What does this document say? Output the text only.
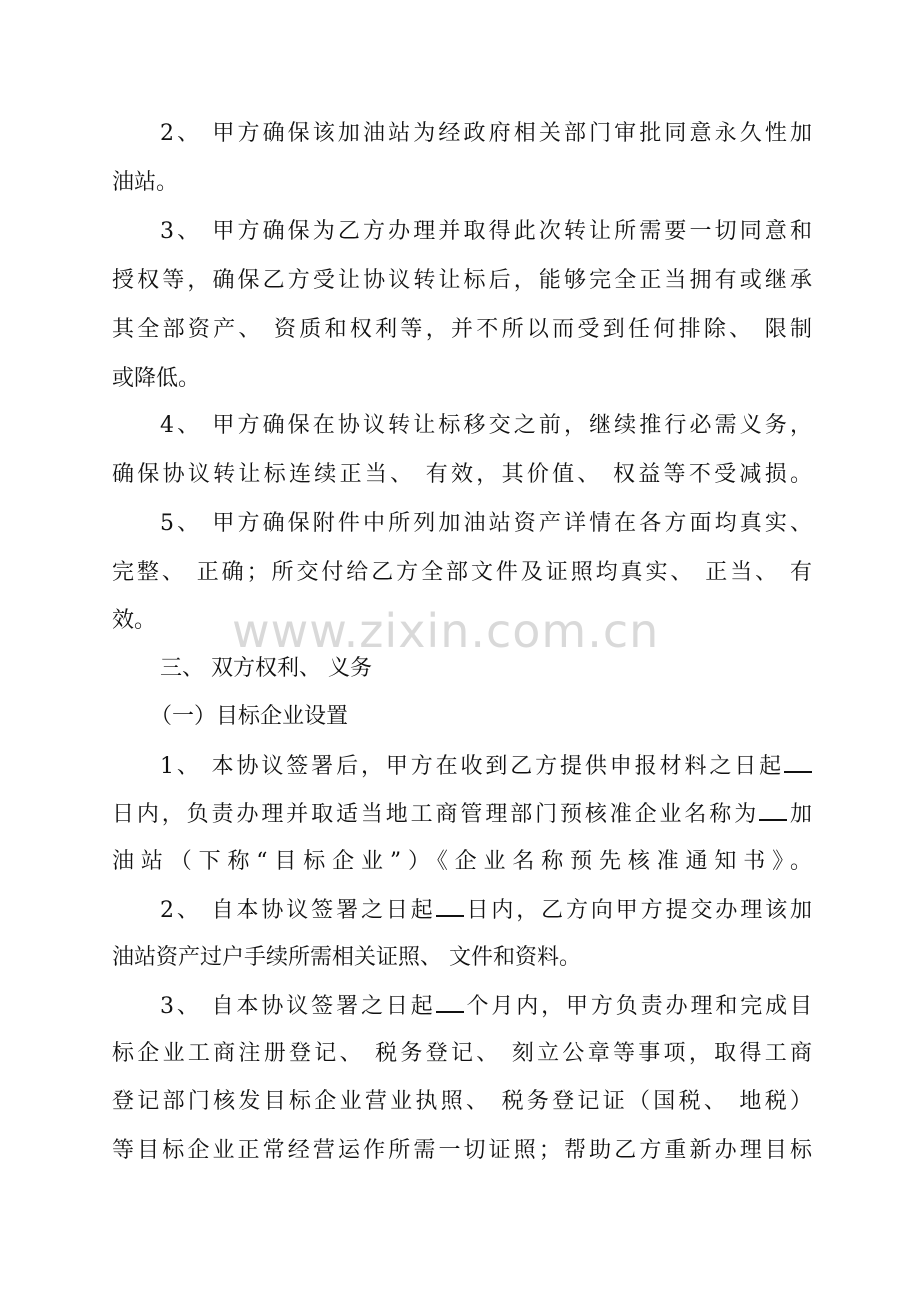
www.zixin.com.cn
2、 甲方确保该加油站为经政府相关部门审批同意永久性加
油站。
3、 甲方确保为乙方办理并取得此次转让所需要一切同意和
授权等，确保乙方受让协议转让标后，能够完全正当拥有或继承
其全部资产、 资质和权利等，并不所以而受到任何排除、 限制
或降低。
4、 甲方确保在协议转让标移交之前，继续推行必需义务，
确保协议转让标连续正当、 有效，其价值、 权益等不受减损。
5、 甲方确保附件中所列加油站资产详情在各方面均真实、
完整、 正确；所交付给乙方全部文件及证照均真实、 正当、 有
效。
三、 双方权利、 义务
（一）目标企业设置
1、 本协议签署后，甲方在收到乙方提供申报材料之日起
日内，负责办理并取适当地工商管理部门预核准企业名称为 加
油站（下称“目标企业”）《企业名称预先核准通知书》。
2、 自本协议签署之日起 日内，乙方向甲方提交办理该加
油站资产过户手续所需相关证照、 文件和资料。
3、 自本协议签署之日起 个月内，甲方负责办理和完成目
标企业工商注册登记、 税务登记、 刻立公章等事项，取得工商
登记部门核发目标企业营业执照、 税务登记证（国税、 地税）
等目标企业正常经营运作所需一切证照；帮助乙方重新办理目标
